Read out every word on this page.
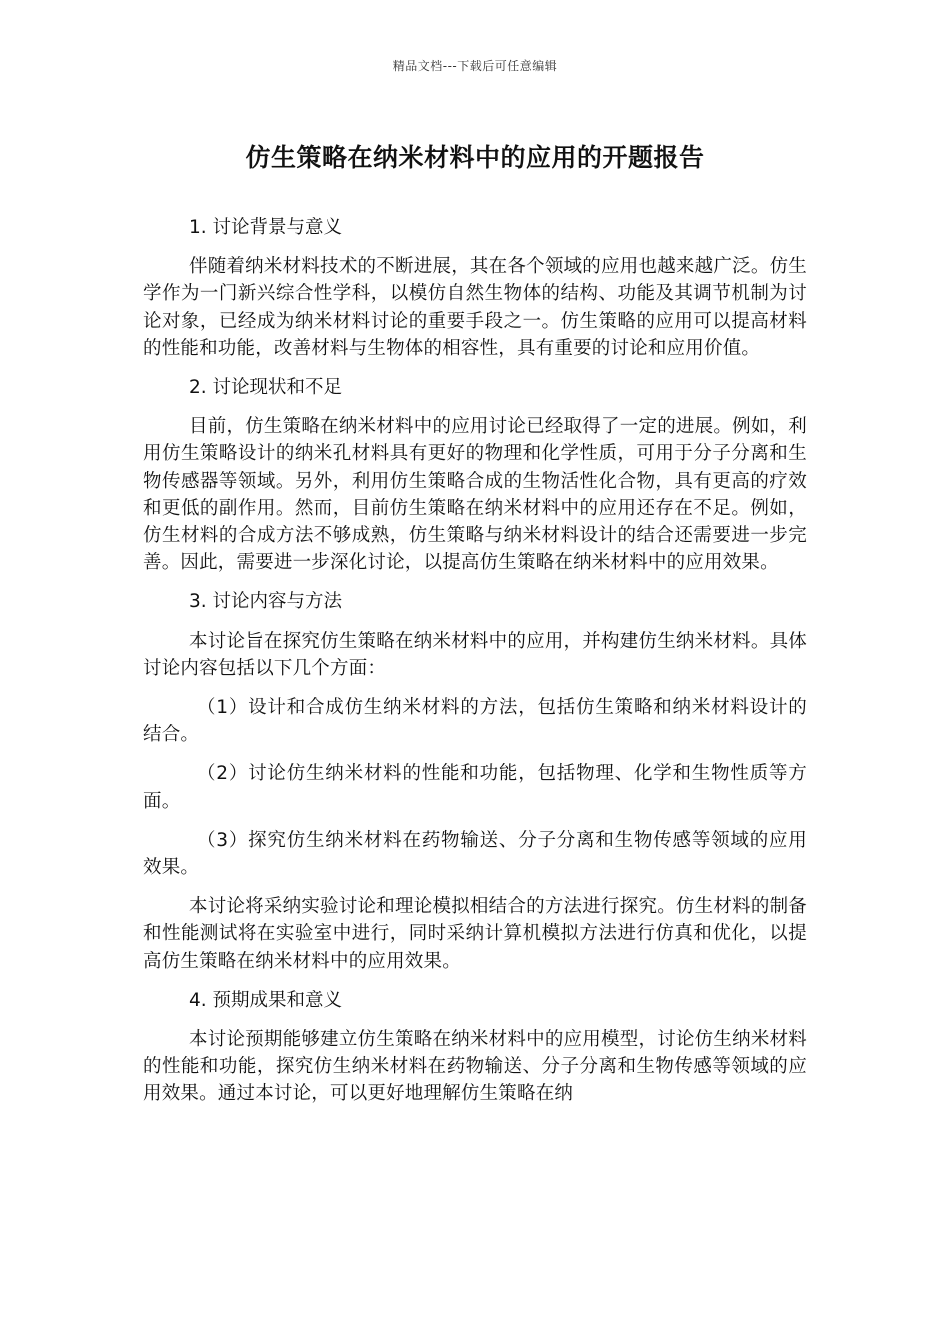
精品文档---下载后可任意编辑
仿生策略在纳米材料中的应用的开题报告

1. 讨论背景与意义

伴随着纳米材料技术的不断进展，其在各个领域的应用也越来越广泛。仿生学作为一门新兴综合性学科，以模仿自然生物体的结构、功能及其调节机制为讨论对象，已经成为纳米材料讨论的重要手段之一。仿生策略的应用可以提高材料的性能和功能，改善材料与生物体的相容性，具有重要的讨论和应用价值。

2. 讨论现状和不足

目前，仿生策略在纳米材料中的应用讨论已经取得了一定的进展。例如，利用仿生策略设计的纳米孔材料具有更好的物理和化学性质，可用于分子分离和生物传感器等领域。另外，利用仿生策略合成的生物活性化合物，具有更高的疗效和更低的副作用。然而，目前仿生策略在纳米材料中的应用还存在不足。例如，仿生材料的合成方法不够成熟，仿生策略与纳米材料设计的结合还需要进一步完善。因此，需要进一步深化讨论，以提高仿生策略在纳米材料中的应用效果。

3. 讨论内容与方法

本讨论旨在探究仿生策略在纳米材料中的应用，并构建仿生纳米材料。具体讨论内容包括以下几个方面：

（1）设计和合成仿生纳米材料的方法，包括仿生策略和纳米材料设计的结合。

（2）讨论仿生纳米材料的性能和功能，包括物理、化学和生物性质等方面。

（3）探究仿生纳米材料在药物输送、分子分离和生物传感等领域的应用效果。

本讨论将采纳实验讨论和理论模拟相结合的方法进行探究。仿生材料的制备和性能测试将在实验室中进行，同时采纳计算机模拟方法进行仿真和优化，以提高仿生策略在纳米材料中的应用效果。

4. 预期成果和意义

本讨论预期能够建立仿生策略在纳米材料中的应用模型，讨论仿生纳米材料的性能和功能，探究仿生纳米材料在药物输送、分子分离和生物传感等领域的应用效果。通过本讨论，可以更好地理解仿生策略在纳
